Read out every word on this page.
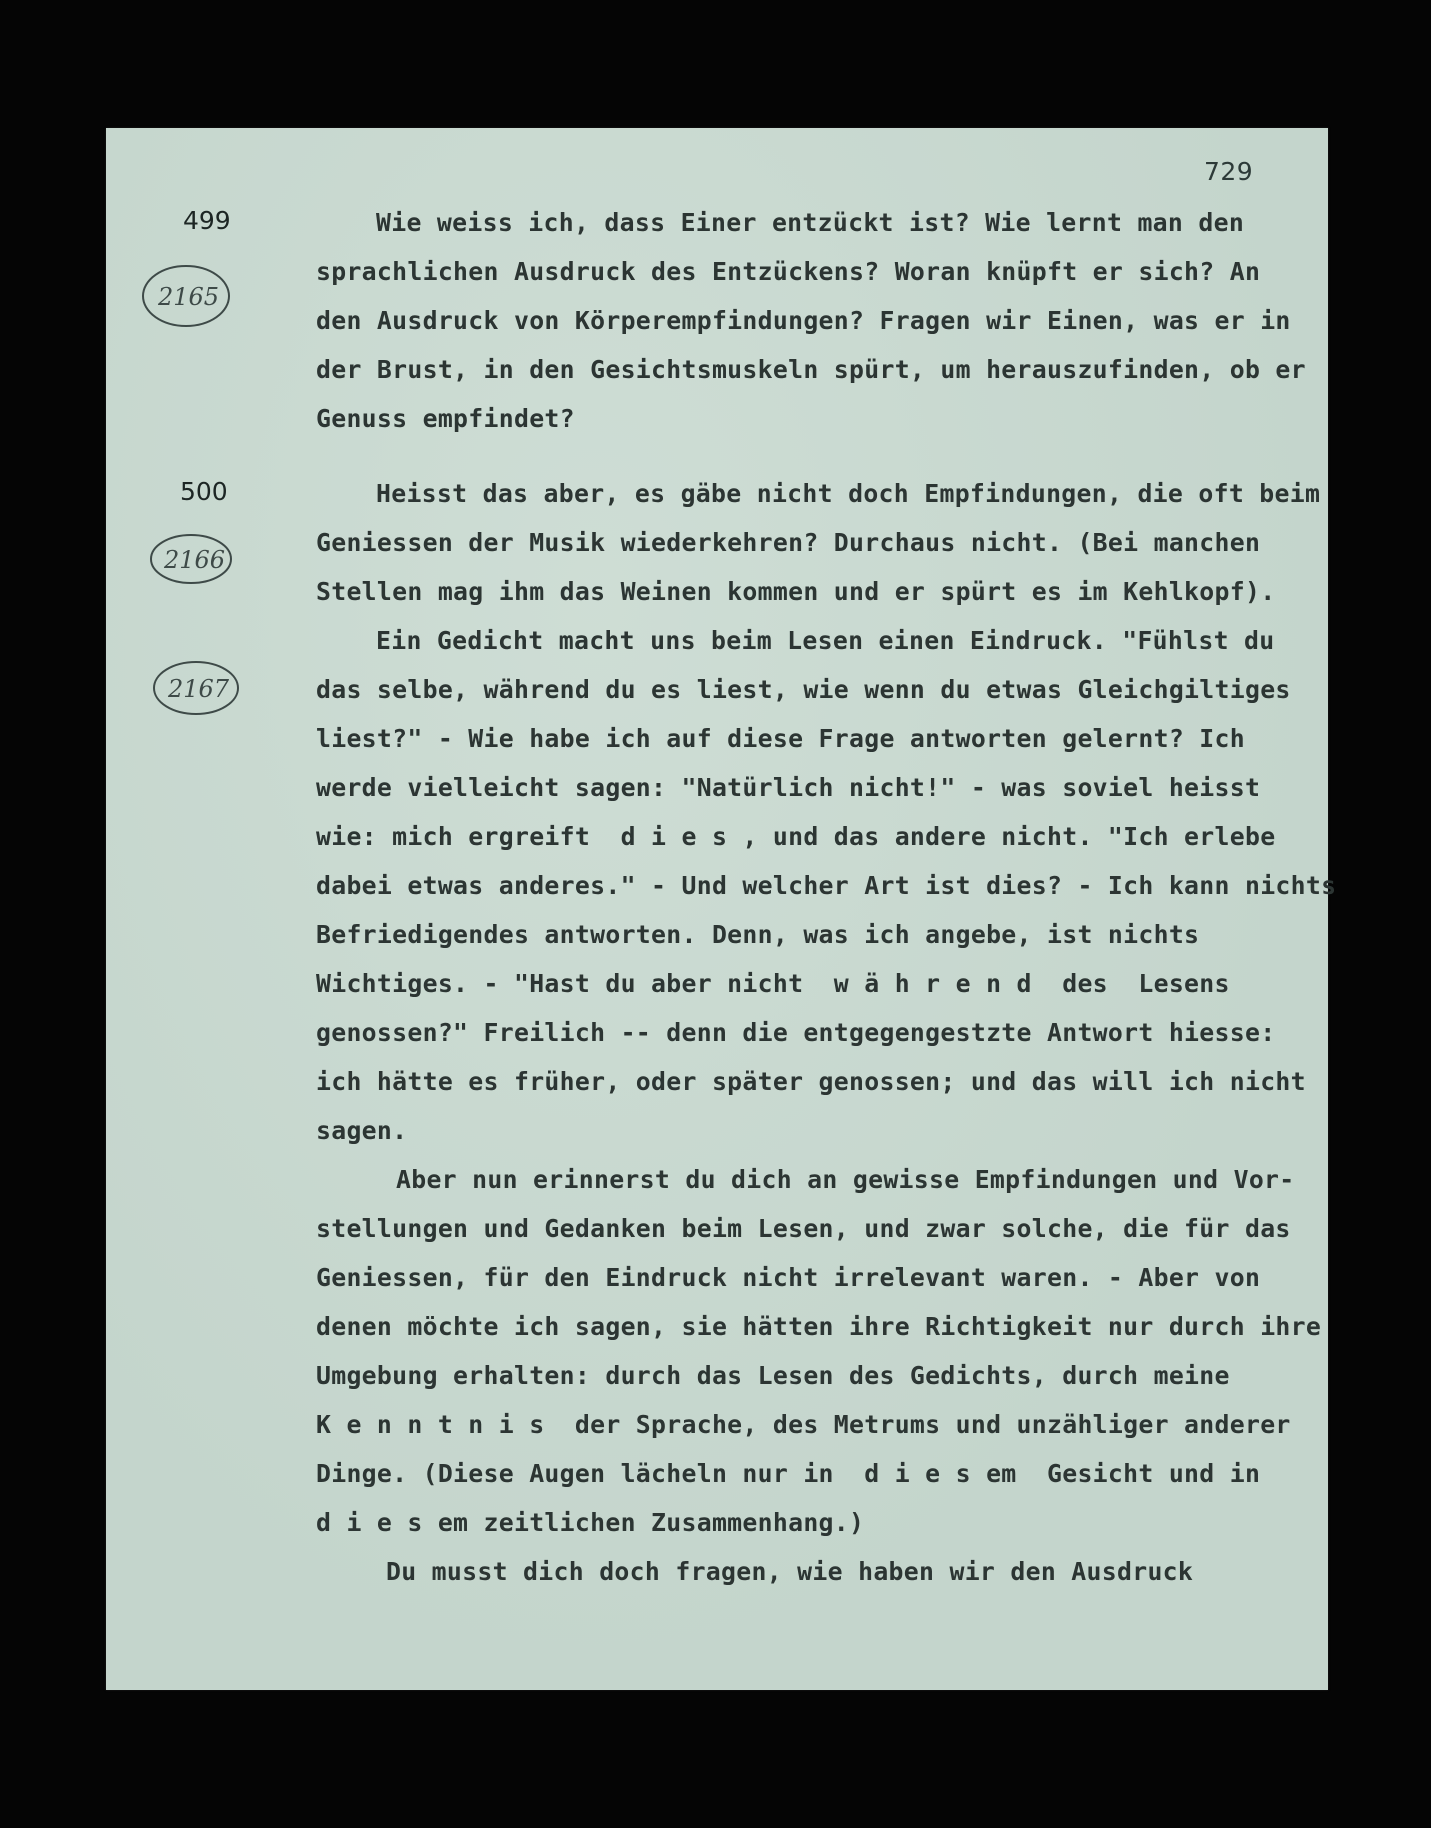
729
499
500
2165
2166
2167
Wie weiss ich, dass Einer entzückt ist? Wie lernt man den
sprachlichen Ausdruck des Entzückens? Woran knüpft er sich? An
den Ausdruck von Körperempfindungen? Fragen wir Einen, was er in
der Brust, in den Gesichtsmuskeln spürt, um herauszufinden, ob er
Genuss empfindet?
Heisst das aber, es gäbe nicht doch Empfindungen, die oft beim
Geniessen der Musik wiederkehren? Durchaus nicht. (Bei manchen
Stellen mag ihm das Weinen kommen und er spürt es im Kehlkopf).
Ein Gedicht macht uns beim Lesen einen Eindruck. "Fühlst du
das selbe, während du es liest, wie wenn du etwas Gleichgiltiges
liest?" - Wie habe ich auf diese Frage antworten gelernt? Ich
werde vielleicht sagen: "Natürlich nicht!" - was soviel heisst
wie: mich ergreift  d i e s , und das andere nicht. "Ich erlebe
dabei etwas anderes." - Und welcher Art ist dies? - Ich kann nichts
Befriedigendes antworten. Denn, was ich angebe, ist nichts
Wichtiges. - "Hast du aber nicht  w ä h r e n d  des  Lesens
genossen?" Freilich -- denn die entgegengestzte Antwort hiesse:
ich hätte es früher, oder später genossen; und das will ich nicht
sagen.
Aber nun erinnerst du dich an gewisse Empfindungen und Vor-
stellungen und Gedanken beim Lesen, und zwar solche, die für das
Geniessen, für den Eindruck nicht irrelevant waren. - Aber von
denen möchte ich sagen, sie hätten ihre Richtigkeit nur durch ihre
Umgebung erhalten: durch das Lesen des Gedichts, durch meine
K e n n t n i s  der Sprache, des Metrums und unzähliger anderer
Dinge. (Diese Augen lächeln nur in  d i e s em  Gesicht und in
d i e s em zeitlichen Zusammenhang.)
Du musst dich doch fragen, wie haben wir den Ausdruck
